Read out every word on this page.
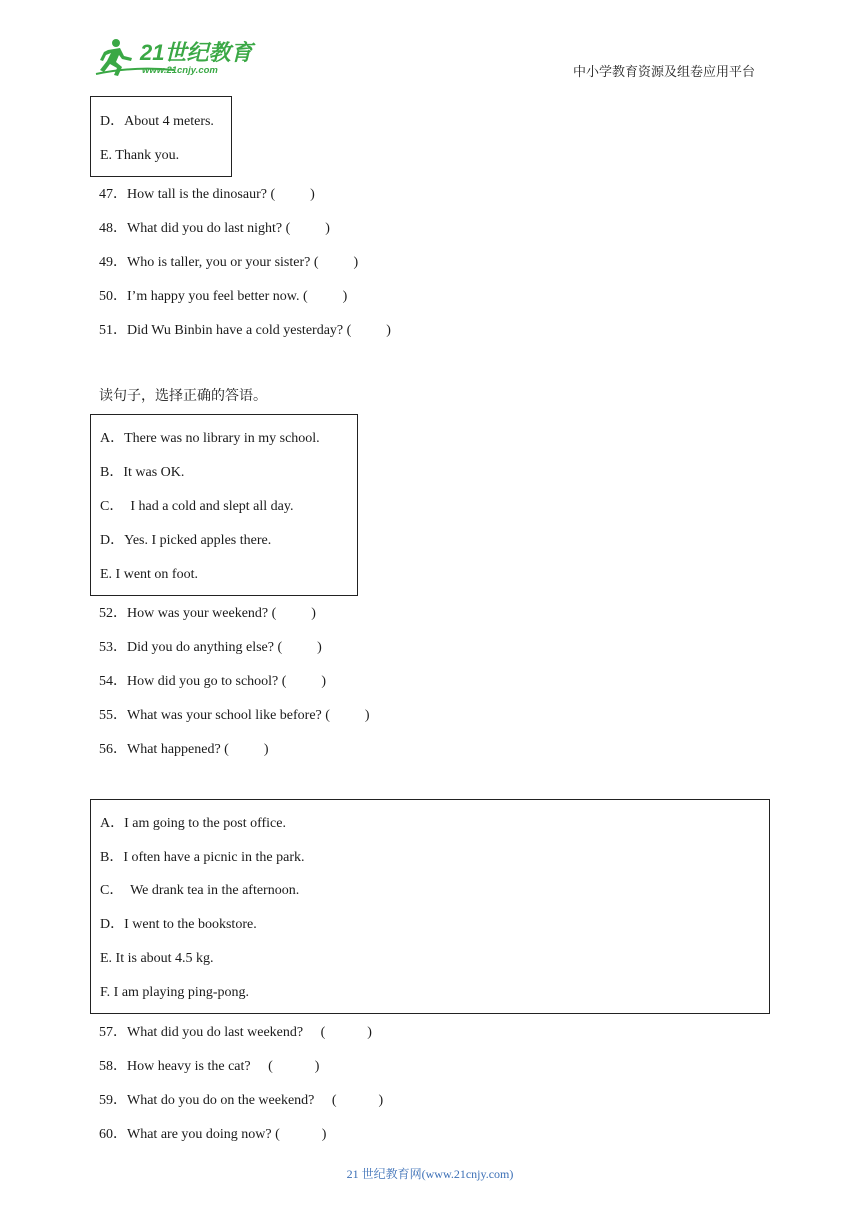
21世纪教育
www.21cnjy.com	中小学教育资源及组卷应用平台
D．About 4 meters.
E. Thank you.
47．How tall is the dinosaur? (          )
48．What did you do last night? (          )
49．Who is taller, you or your sister? (          )
50．I’m happy you feel better now. (          )
51．Did Wu Binbin have a cold yesterday? (          )
读句子，选择正确的答语。
A．There was no library in my school.
B．It was OK.
C．  I had a cold and slept all day.
D．Yes. I picked apples there.
E. I went on foot.
52．How was your weekend? (          )
53．Did you do anything else? (          )
54．How did you go to school? (          )
55．What was your school like before? (          )
56．What happened? (          )
A．I am going to the post office.
B．I often have a picnic in the park.
C．  We drank tea in the afternoon.
D．I went to the bookstore.
E. It is about 4.5 kg.
F. I am playing ping-pong.
57．What did you do last weekend?     (            )
58．How heavy is the cat?     (            )
59．What do you do on the weekend?     (            )
60．What are you doing now? (            )
21 世纪教育网(www.21cnjy.com)
